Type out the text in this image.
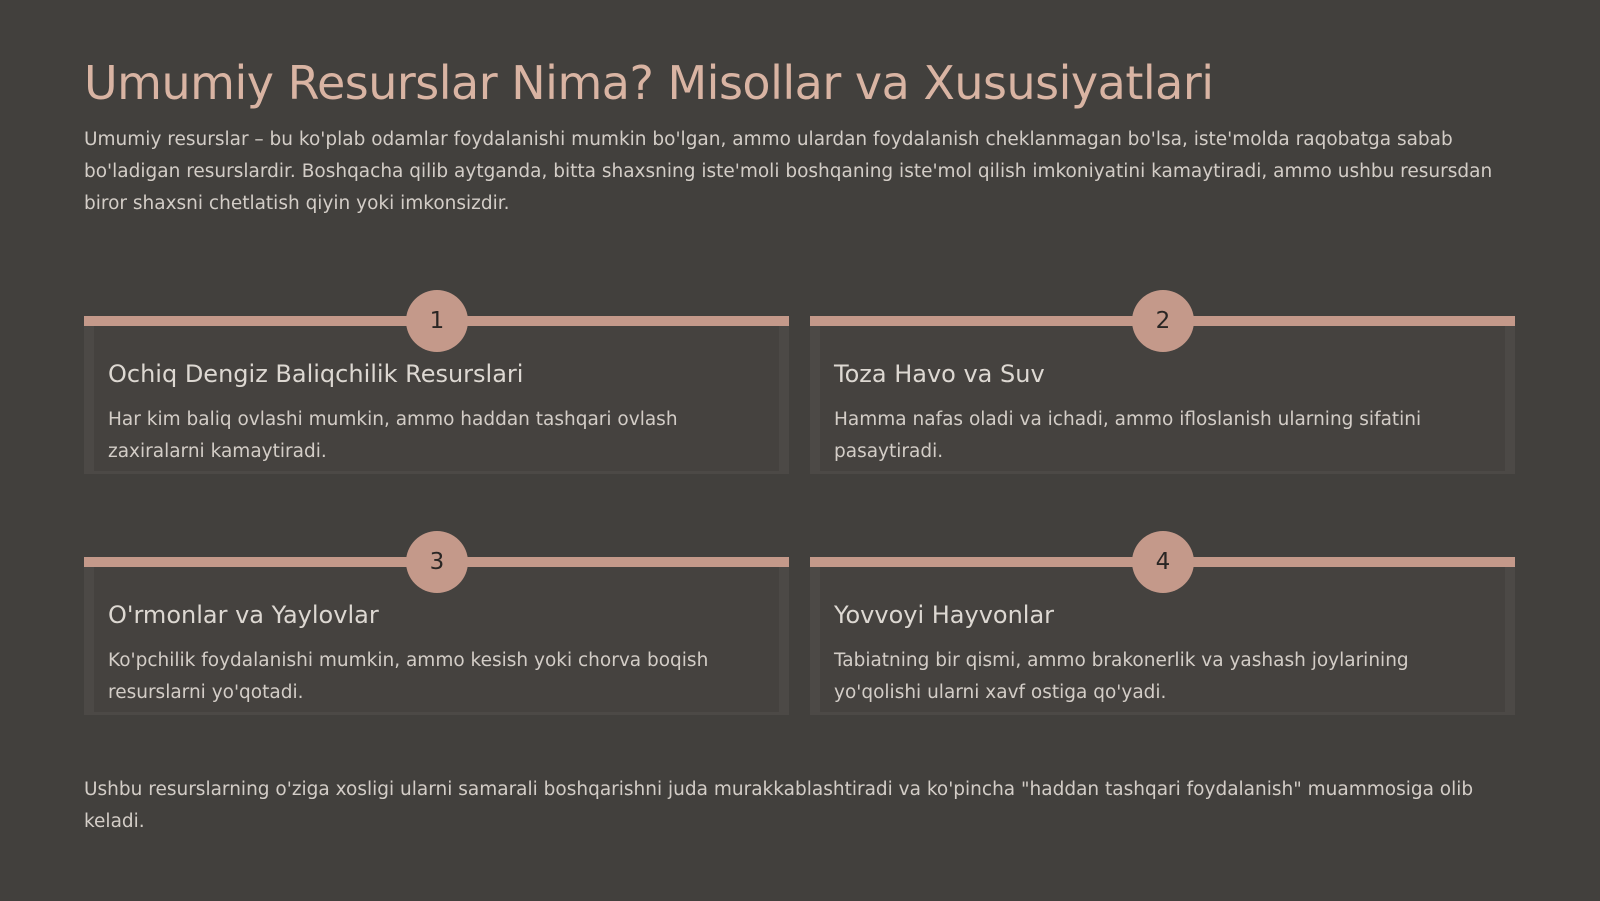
Umumiy Resurslar Nima? Misollar va Xususiyatlari

Umumiy resurslar – bu ko'plab odamlar foydalanishi mumkin bo'lgan, ammo ulardan foydalanish cheklanmagan bo'lsa, iste'molda raqobatga sabab bo'ladigan resurslardir. Boshqacha qilib aytganda, bitta shaxsning iste'moli boshqaning iste'mol qilish imkoniyatini kamaytiradi, ammo ushbu resursdan biror shaxsni chetlatish qiyin yoki imkonsizdir.

1
Ochiq Dengiz Baliqchilik Resurslari

Har kim baliq ovlashi mumkin, ammo haddan tashqari ovlash zaxiralarni kamaytiradi.

2
Toza Havo va Suv

Hamma nafas oladi va ichadi, ammo ifloslanish ularning sifatini pasaytiradi.

3
O'rmonlar va Yaylovlar

Ko'pchilik foydalanishi mumkin, ammo kesish yoki chorva boqish resurslarni yo'qotadi.

4
Yovvoyi Hayvonlar

Tabiatning bir qismi, ammo brakonerlik va yashash joylarining yo'qolishi ularni xavf ostiga qo'yadi.

Ushbu resurslarning o'ziga xosligi ularni samarali boshqarishni juda murakkablashtiradi va ko'pincha "haddan tashqari foydalanish" muammosiga olib keladi.
